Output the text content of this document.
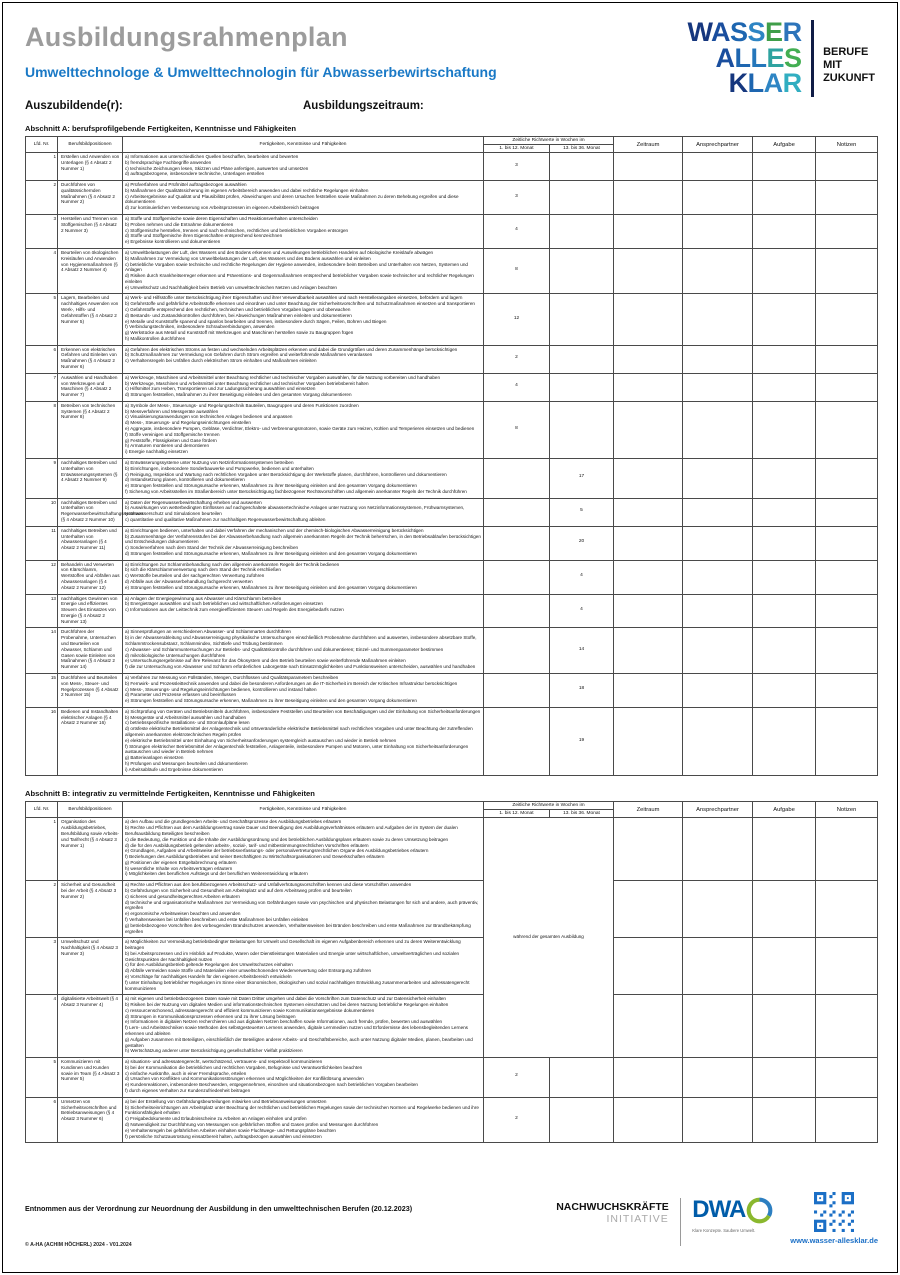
Ausbildungsrahmenplan
Umwelttechnologe & Umwelttechnologin für Abwasserbewirtschaftung
Auszubildende(r):	Ausbildungszeitraum:
WASSER
ALLES
KLAR
BERUFE
MIT
ZUKUNFT
Abschnitt A: berufsprofilgebende Fertigkeiten, Kenntnisse und Fähigkeiten
Lfd. Nr.	Berufsbildpositionen	Fertigkeiten, Kenntnisse und Fähigkeiten	Zeitliche Richtwerte in Wochen im		Zeitraum	Ansprechpartner	Aufgabe	Notizen
			1. bis 12. Monat	13. bis 36. Monat				
1	Erstellen und Anwenden von Unterlagen (§ 4 Absatz 2 Nummer 1)	a) Informationen aus unterschiedlichen Quellen beschaffen, bearbeiten und bewerten
b) fremdsprachige Fachbegriffe anwenden
c) technische Zeichnungen lesen, Skizzen und Pläne anfertigen, auswerten und umsetzen
d) auftragsbezogene, insbesondere technische, Unterlagen erstellen	3					
2	Durchführen von qualitätssichernden Maßnahmen (§ 4 Absatz 2 Nummer 2)	a) Prüfverfahren und Prüfmittel auftragsbezogen auswählen
b) Maßnahmen der Qualitätssicherung im eigenen Arbeitsbereich anwenden und dabei rechtliche Regelungen einhalten
c) Arbeitsergebnisse auf Qualität und Plausibilität prüfen, Abweichungen und deren Ursachen feststellen sowie Maßnahmen zu deren Behebung ergreifen und diese dokumentieren
d) zur kontinuierlichen Verbesserung von Arbeitsprozessen im eigenen Arbeitsbereich beitragen	3					
3	Herstellen und Trennen von Stoffgemischen (§ 4 Absatz 2 Nummer 3)	a) Stoffe und Stoffgemische sowie deren Eigenschaften und Reaktionsverhalten unterscheiden
b) Proben nehmen und die Entnahme dokumentieren
c) Stoffgemische herstellen, trennen und nach technischen, rechtlichen und betrieblichen Vorgaben entsorgen
d) Stoffe und Stoffgemische ihren Eigenschaften entsprechend kennzeichnen
e) Ergebnisse kontrollieren und dokumentieren	4					
4	Beurteilen von ökologischen Kreisläufen und Anwenden von Hygienemaßnahmen (§ 4 Absatz 2 Nummer 4)	a) Umweltbelastungen der Luft, des Wassers und des Bodens erkennen und Auswirkungen betrieblichen Handelns auf ökologische Kreisläufe abwägen
b) Maßnahmen zur Vermeidung von Umweltbelastungen der Luft, des Wassers und des Bodens auswählen und einleiten
c) betriebliche Vorgaben sowie technische und rechtliche Regelungen der Hygiene anwenden, insbesondere beim Betreiben und Unterhalten von Netzen, Systemen und Anlagen
d) Risiken durch Krankheitserreger erkennen und Präventions- und Gegenmaßnahmen entsprechend betrieblicher Vorgaben sowie technischer und rechtlicher Regelungen einleiten
e) Umweltschutz und Nachhaltigkeit beim Betrieb von umwelttechnischen Netzen und Anlagen beachten	8					
5	Lagern, Bearbeiten und nachhaltiges Anwenden von Werk-, Hilfs- und Gefahrstoffen (§ 4 Absatz 2 Nummer 5)	
a) Werk- und Hilfsstoffe unter Berücksichtigung ihrer Eigenschaften und ihrer Verwendbarkeit auswählen und nach Herstellerangaben einsetzen, befördern und lagern
b) Gefahrstoffe und gefährliche Arbeitsstoffe erkennen und einordnen und unter Beachtung der Sicherheitsvorschriften und Schutzmaßnahmen einsetzen und transportieren
c) Gefahrstoffe entsprechend den rechtlichen, technischen und betrieblichen Vorgaben lagern und überwachen
d) Bestands- und Zustandskontrollen durchführen, bei Abweichungen Maßnahmen einleiten und dokumentieren
e) Metalle und Kunststoffe spanend und spanlos bearbeiten und trennen, insbesondere durch Sägen, Feilen, Bohren und Biegen
f) Verbindungstechniken, insbesondere Schraubverbindungen, anwenden
g) Werkstücke aus Metall und Kunststoff mit Werkzeugen und Maschinen herstellen sowie zu Baugruppen fügen
h) Maßkontrollen durchführen
	12					
6	Erkennen von elektrischen Gefahren und Einleiten von Maßnahmen (§ 4 Absatz 2 Nummer 6)	a) Gefahren des elektrischen Stroms an festen und wechselnden Arbeitsplätzen erkennen und dabei die Grundgrößen und deren Zusammenhänge berücksichtigen
b) Schutzmaßnahmen zur Vermeidung von Gefahren durch Strom ergreifen und weiterführende Maßnahmen veranlassen
c) Verhaltensregeln bei Unfällen durch elektrischen Strom einhalten und Maßnahmen einleiten	2					
7	Auswählen und Handhaben von Werkzeugen und Maschinen (§ 4 Absatz 2 Nummer 7)	a) Werkzeuge, Maschinen und Arbeitsmittel unter Beachtung rechtlicher und technischer Vorgaben auswählen, für die Nutzung vorbereiten und handhaben
b) Werkzeuge, Maschinen und Arbeitsmittel unter Beachtung rechtlicher und technischer Vorgaben betriebsbereit halten
c) Hilfsmittel zum Heben, Transportieren und zur Ladungssicherung auswählen und einsetzen
d) Störungen feststellen, Maßnahmen zu ihrer Beseitigung einleiten und den gesamten Vorgang dokumentieren	4					
8	Betreiben von technischen Systemen (§ 4 Absatz 2 Nummer 8)	
a) Symbole der Mess-, Steuerungs- und Regelungstechnik Bauteilen, Baugruppen und deren Funktionen zuordnen
b) Messverfahren und Messgeräte auswählen
c) Visualisierungsanwendungen von technischen Anlagen bedienen und anpassen
d) Mess-, Steuerungs- und Regelungseinrichtungen einstellen
e) Aggregate, insbesondere Pumpen, Gebläse, Verdichter, Elektro- und Verbrennungsmotoren, sowie Geräte zum Heizen, Kühlen und Temperieren einsetzen und bedienen
f) Stoffe vereinigen und Stoffgemische trennen
g) Feststoffe, Flüssigkeiten und Gase fördern
h) Armaturen montieren und demontieren
i) Energie nachhaltig einsetzen
	8					
9	nachhaltiges Betreiben und Unterhalten von Entwässerungssystemen (§ 4 Absatz 2 Nummer 9)	
a) Entwässerungssysteme unter Nutzung von Netzinformationssystemen betreiben
b) Einrichtungen, insbesondere Sonderbauwerke und Pumpwerke, bedienen und unterhalten
c) Reinigung, Inspektion und Wartung nach rechtlichen Vorgaben unter Berücksichtigung der Werkstoffe planen, durchführen, kontrollieren und dokumentieren
d) Instandsetzung planen, kontrollieren und dokumentieren
e) Störungen feststellen und Störungsursache erkennen, Maßnahmen zu ihrer Beseitigung einleiten und den gesamten Vorgang dokumentieren
f) Sicherung von Arbeitsstellen im Straßenbereich unter Berücksichtigung fachbezogener Rechtsvorschriften und allgemein anerkannter Regeln der Technik durchführen
		17				
10	nachhaltiges Betreiben und Unterhalten von Regenwasserbewirtschaftungssystemen (§ 4 Absatz 2 Nummer 10)	a) Daten der Regenwasserbewirtschaftung erheben und auswerten
b) Auswirkungen von wetterbedingten Einflüssen auf nachgeschaltete abwassertechnische Anlagen unter Nutzung von Netzinformationssystemen, Frühwarnsystemen, Hochwasserschutz und Simulationen beurteilen
c) quantitative und qualitative Maßnahmen zur nachhaltigen Regenwasserbewirtschaftung ableiten		5				
11	nachhaltiges Betreiben und Unterhalten von Abwasseranlagen (§ 4 Absatz 2 Nummer 11)	a) Einrichtungen bedienen, unterhalten und dabei Verfahren der mechanischen und der chemisch-biologischen Abwasserreinigung berücksichtigen
b) Zusammenhänge der Verfahrensstufen bei der Abwasserbehandlung nach allgemein anerkannten Regeln der Technik beherrschen, in den Betriebsabläufen berücksichtigen und Entscheidungen dokumentieren
c) Sonderverfahren nach dem Stand der Technik der Abwasserreinigung beschreiben
d) Störungen feststellen und Störungsursache erkennen, Maßnahmen zu ihrer Beseitigung einleiten und den gesamten Vorgang dokumentieren		20				
12	Behandeln und Verwerten von Klärschlamm, Wertstoffen und Abfällen aus Abwasseranlagen (§ 4 Absatz 2 Nummer 12)	a) Einrichtungen zur Schlammbehandlung nach den allgemein anerkannten Regeln der Technik bedienen
b) sich die Klärschlammverwertung nach dem Stand der Technik erschließen
c) Wertstoffe beurteilen und der sachgerechten Verwertung zuführen
d) Abfälle aus der Abwasserbehandlung fachgerecht verwerten
e) Störungen feststellen und Störungsursache erkennen, Maßnahmen zu ihrer Beseitigung einleiten und den gesamten Vorgang dokumentieren		4				
13	nachhaltiges Gewinnen von Energie und effizientes Steuern des Einsatzes von Energie (§ 4 Absatz 2 Nummer 13)	a) Anlagen der Energiegewinnung aus Abwasser und Klärschlamm betreiben
b) Energieträger auswählen und nach betrieblichen und wirtschaftlichen Anforderungen einsetzen
c) Informationen aus der Leittechnik zum energieeffizienten Steuern und Regeln des Energiebedarfs nutzen		4				
14	Durchführen der Probenahme, Untersuchen und Beurteilen von Abwasser, Schlamm und Gasen sowie Einleiten von Maßnahmen (§ 4 Absatz 2 Nummer 14)	
a) Sinnesprüfungen an verschiedenen Abwasser- und Schlammarten durchführen
b) in der Abwasserableitung und Abwasserreinigung physikalische Untersuchungen einschließlich Probenahme durchführen und auswerten, insbesondere absetzbare Stoffe, Schlammtrockensubstanz, Schlammindex, Sichttiefe und Trübung bestimmen
c) Abwasser- und Schlammuntersuchungen zur Betriebs- und Qualitätskontrolle durchführen und dokumentieren; Einzel- und Summenparameter bestimmen
d) mikrobiologische Untersuchungen durchführen
e) Untersuchungsergebnisse auf ihre Relevanz für das Ökosystem und den Betrieb beurteilen sowie weiterführende Maßnahmen einleiten
f) die zur Untersuchung von Abwasser und Schlamm erforderlichen Laborgeräte nach Einsatzmöglichkeiten und Funktionsweisen unterscheiden, auswählen und handhaben
		14				
15	Durchführen und Beurteilen von Mess-, Steuer- und Regelprozessen (§ 4 Absatz 2 Nummer 15)	a) Verfahren zur Messung von Füllständen, Mengen, Durchflüssen und Qualitätsparametern beschreiben
b) Fernwirk- und Prozessleittechnik anwenden und dabei die besonderen Anforderungen an die IT-Sicherheit im Bereich der Kritischen Infrastruktur berücksichtigen
c) Mess-, Steuerungs- und Regelungseinrichtungen bedienen, kontrollieren und instand halten
d) Parameter und Prozesse erfassen und beeinflussen
e) Störungen feststellen und Störungsursache erkennen, Maßnahmen zu ihrer Beseitigung einleiten und den gesamten Vorgang dokumentieren		18				
16	Bedienen und Instandhalten elektrischer Anlagen (§ 4 Absatz 2 Nummer 16)	
a) Sichtprüfung von Geräten und Betriebsmitteln durchführen, insbesondere Feststellen und Beurteilen von Beschädigungen und der Einhaltung von Sicherheitsanforderungen
b) Messgeräte und Arbeitsmittel auswählen und handhaben
c) betriebsspezifische Installations- und Stromlaufpläne lesen
d) ortsfeste elektrische Betriebsmittel der Anlagentechnik und ortsveränderliche elektrische Betriebsmittel nach rechtlichen Vorgaben und unter Beachtung der zutreffenden allgemein anerkannten elektrotechnischen Regeln prüfen
e) elektrische Betriebsmittel unter Einhaltung von Sicherheitsanforderungen systemgleich austauschen und wieder in Betrieb nehmen
f) Störungen elektrischer Betriebsmittel der Anlagentechnik feststellen, Anlagenteile, insbesondere Pumpen und Motoren, unter Einhaltung von Sicherheitsanforderungen austauschen und wieder in Betrieb nehmen
g) Batterieanlagen einsetzen
h) Prüfungen und Messungen beurteilen und dokumentieren
i) Arbeitsabläufe und Ergebnisse dokumentieren
		19				
Abschnitt B: integrativ zu vermittelnde Fertigkeiten, Kenntnisse und Fähigkeiten
Lfd. Nr.	Berufsbildpositionen	Fertigkeiten, Kenntnisse und Fähigkeiten	Zeitliche Richtwerte in Wochen im		Zeitraum	Ansprechpartner	Aufgabe	Notizen
			1. bis 12. Monat	13. bis 36. Monat				
1	Organisation des Ausbildungsbetriebes, Berufsbildung sowie Arbeits- und Tarifrecht (§ 4 Absatz 3 Nummer 1)	
a) den Aufbau und die grundlegenden Arbeits- und Geschäftsprozesse des Ausbildungsbetriebes erläutern
b) Rechte und Pflichten aus dem Ausbildungsvertrag sowie Dauer und Beendigung des Ausbildungsverhältnisses erläutern und Aufgaben der im System der dualen Berufsausbildung Beteiligten beschreiben
c) die Bedeutung, die Funktion und die Inhalte der Ausbildungsordnung und des betrieblichen Ausbildungsplans erläutern sowie zu deren Umsetzung beitragen
d) die für den Ausbildungsbetrieb geltenden arbeits-, sozial-, tarif- und mitbestimmungsrechtlichen Vorschriften erläutern
e) Grundlagen, Aufgaben und Arbeitsweise der betriebsverfassungs- oder personalvertretungsrechtlichen Organe des Ausbildungsbetriebes erläutern
f) Beziehungen des Ausbildungsbetriebes und seiner Beschäftigten zu Wirtschaftsorganisationen und Gewerkschaften erläutern
g) Positionen der eigenen Entgeltabrechnung erläutern
h) wesentliche Inhalte von Arbeitsverträgen erläutern
i) Möglichkeiten des beruflichen Aufstiegs und der beruflichen Weiterentwicklung erläutern
	während der gesamten Ausbildung				
2	Sicherheit und Gesundheit bei der Arbeit (§ 4 Absatz 3 Nummer 2)	
a) Rechte und Pflichten aus den berufsbezogenen Arbeitsschutz- und Unfallverhütungsvorschriften kennen und diese Vorschriften anwenden
b) Gefährdungen von Sicherheit und Gesundheit am Arbeitsplatz und auf dem Arbeitsweg prüfen und beurteilen
c) sicheres und gesundheitsgerechtes Arbeiten erläutern
d) technische und organisatorische Maßnahmen zur Vermeidung von Gefährdungen sowie von psychischen und physischen Belastungen für sich und andere, auch präventiv, ergreifen
e) ergonomische Arbeitsweisen beachten und anwenden
f) Verhaltensweisen bei Unfällen beschreiben und erste Maßnahmen bei Unfällen einleiten
g) betriebsbezogene Vorschriften des vorbeugenden Brandschutzes anwenden, Verhaltensweisen bei Bränden beschreiben und erste Maßnahmen zur Brandbekämpfung ergreifen

3	Umweltschutz und Nachhaltigkeit (§ 4 Absatz 3 Nummer 3)	
a) Möglichkeiten zur Vermeidung betriebsbedingter Belastungen für Umwelt und Gesellschaft im eigenen Aufgabenbereich erkennen und zu deren Weiterentwicklung beitragen
b) bei Arbeitsprozessen und im Hinblick auf Produkte, Waren oder Dienstleistungen Materialien und Energie unter wirtschaftlichen, umweltverträglichen und sozialen Gesichtspunkten der Nachhaltigkeit nutzen
c) für den Ausbildungsbetrieb geltende Regelungen des Umweltschutzes einhalten
d) Abfälle vermeiden sowie Stoffe und Materialien einer umweltschonenden Wiederverwertung oder Entsorgung zuführen
e) Vorschläge für nachhaltiges Handeln für den eigenen Arbeitsbereich entwickeln
f) unter Einhaltung betrieblicher Regelungen im Sinne einer ökonomischen, ökologischen und sozial nachhaltigen Entwicklung zusammenarbeiten und adressatengerecht kommunizieren

4	digitalisierte Arbeitswelt (§ 4 Absatz 3 Nummer 4)	
a) mit eigenen und betriebsbezogenen Daten sowie mit Daten Dritter umgehen und dabei die Vorschriften zum Datenschutz und zur Datensicherheit einhalten
b) Risiken bei der Nutzung von digitalen Medien und informationstechnischen Systemen einschätzen und bei deren Nutzung betriebliche Regelungen einhalten
c) ressourcenschonend, adressatengerecht und effizient kommunizieren sowie Kommunikationsergebnisse dokumentieren
d) Störungen in Kommunikationsprozessen erkennen und zu ihrer Lösung beitragen
e) Informationen in digitalen Netzen recherchieren und aus digitalen Netzen beschaffen sowie Informationen, auch fremde, prüfen, bewerten und auswählen
f) Lern- und Arbeitstechniken sowie Methoden des selbstgesteuerten Lernens anwenden, digitale Lernmedien nutzen und Erfordernisse des lebensbegleitenden Lernens erkennen und ableiten
g) Aufgaben zusammen mit Beteiligten, einschließlich der Beteiligten anderer Arbeits- und Geschäftsbereiche, auch unter Nutzung digitaler Medien, planen, bearbeiten und gestalten
h) Wertschätzung anderer unter Berücksichtigung gesellschaftlicher Vielfalt praktizieren

5	Kommunizieren mit Kundinnen und Kunden sowie im Team (§ 4 Absatz 3 Nummer 5)	
a) situations- und adressatengerecht, wertschätzend, vertrauens- und respektvoll kommunizieren
b) bei der Kommunikation die betrieblichen und rechtlichen Vorgaben, Befugnisse und Verantwortlichkeiten beachten
c) einfache Auskünfte, auch in einer Fremdsprache, erteilen
d) Ursachen von Konflikten und Kommunikationsstörungen erkennen und Möglichkeiten der Konfliktlösung anwenden
e) Kundenreaktionen, insbesondere Beschwerden, entgegennehmen, einordnen und situationsbezogen nach betrieblichen Vorgaben bearbeiten
f) durch eigenes Verhalten zur Kundenzufriedenheit beitragen
	2					
6	Umsetzen von Sicherheitsvorschriften und Betriebsanweisungen (§ 4 Absatz 3 Nummer 6)	
a) bei der Erstellung von Gefährdungsbeurteilungen mitwirken und Betriebsanweisungen umsetzen
b) Sicherheitseinrichtungen am Arbeitsplatz unter Beachtung der rechtlichen und betrieblichen Regelungen sowie der technischen Normen und Regelwerke bedienen und ihre Funktionsfähigkeit erhalten
c) Freigabedokumente und Erlaubnisscheine zu Arbeiten an Anlagen einholen und prüfen
d) Notwendigkeit zur Durchführung von Messungen von gefährlichen Stoffen und Gasen prüfen und Messungen durchführen
e) Verhaltensregeln bei gefährlichen Arbeiten einhalten sowie Fluchtwege- und Rettungspläne beachten
f) persönliche Schutzausrüstung einsatzbereit halten, auftragsbezogen auswählen und einsetzen
	2					
Entnommen aus der Verordnung zur Neuordnung der Ausbildung in den umwelttechnischen Berufen (20.12.2023)
© A-HA (ACHIM HÖCHERL) 2024 - V01.2024
NACHWUCHSKRÄFTE
INITIATIVE DWA
Klare Konzepte. Saubere Umwelt.
www.wasser-allesklar.de
